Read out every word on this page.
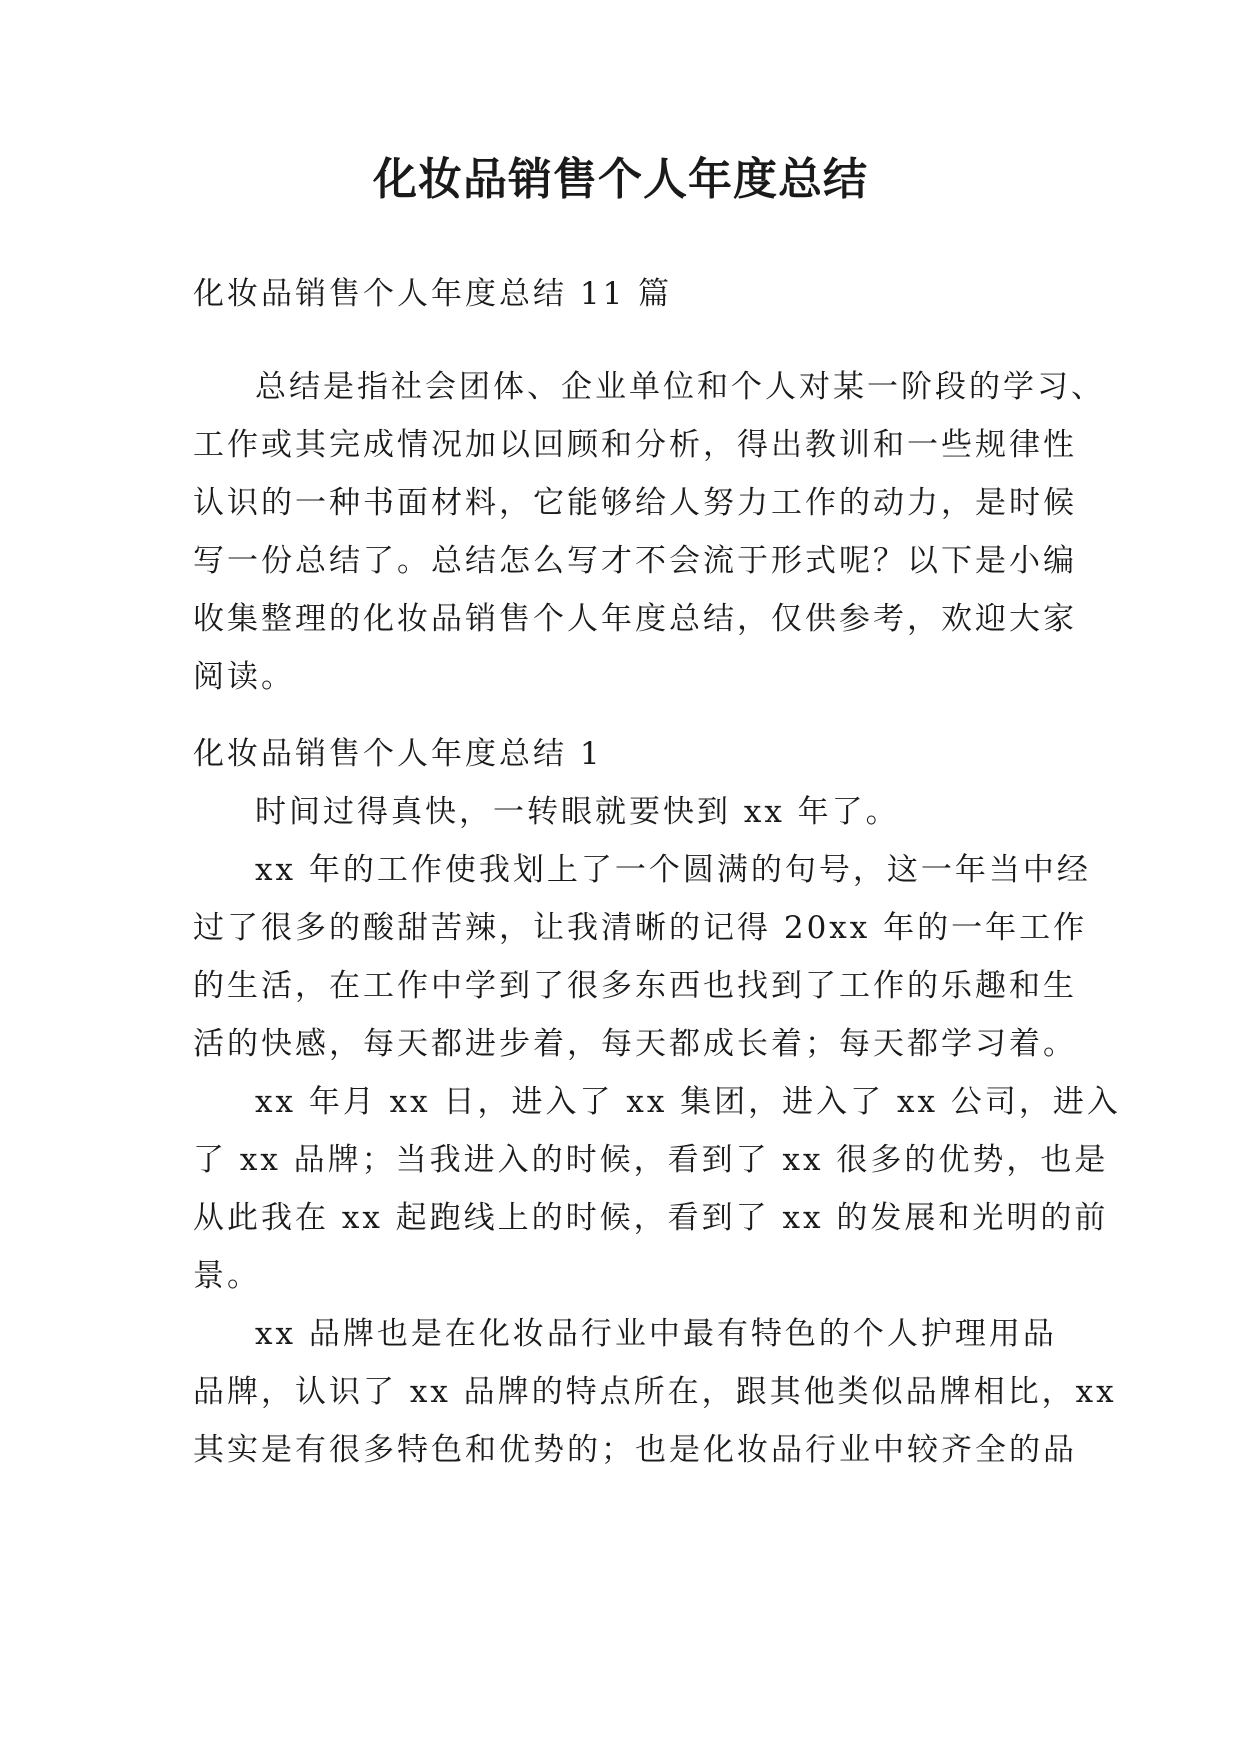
化妆品销售个人年度总结
化妆品销售个人年度总结 11 篇
总结是指社会团体、企业单位和个人对某一阶段的学习、
工作或其完成情况加以回顾和分析，得出教训和一些规律性
认识的一种书面材料，它能够给人努力工作的动力，是时候
写一份总结了。总结怎么写才不会流于形式呢？以下是小编
收集整理的化妆品销售个人年度总结，仅供参考，欢迎大家
阅读。
化妆品销售个人年度总结 1
时间过得真快，一转眼就要快到 xx 年了。
xx 年的工作使我划上了一个圆满的句号，这一年当中经
过了很多的酸甜苦辣，让我清晰的记得 20xx 年的一年工作
的生活，在工作中学到了很多东西也找到了工作的乐趣和生
活的快感，每天都进步着，每天都成长着；每天都学习着。
xx 年月 xx 日，进入了 xx 集团，进入了 xx 公司，进入
了 xx 品牌；当我进入的时候，看到了 xx 很多的优势，也是
从此我在 xx 起跑线上的时候，看到了 xx 的发展和光明的前
景。
xx 品牌也是在化妆品行业中最有特色的个人护理用品
品牌，认识了 xx 品牌的特点所在，跟其他类似品牌相比，xx
其实是有很多特色和优势的；也是化妆品行业中较齐全的品
